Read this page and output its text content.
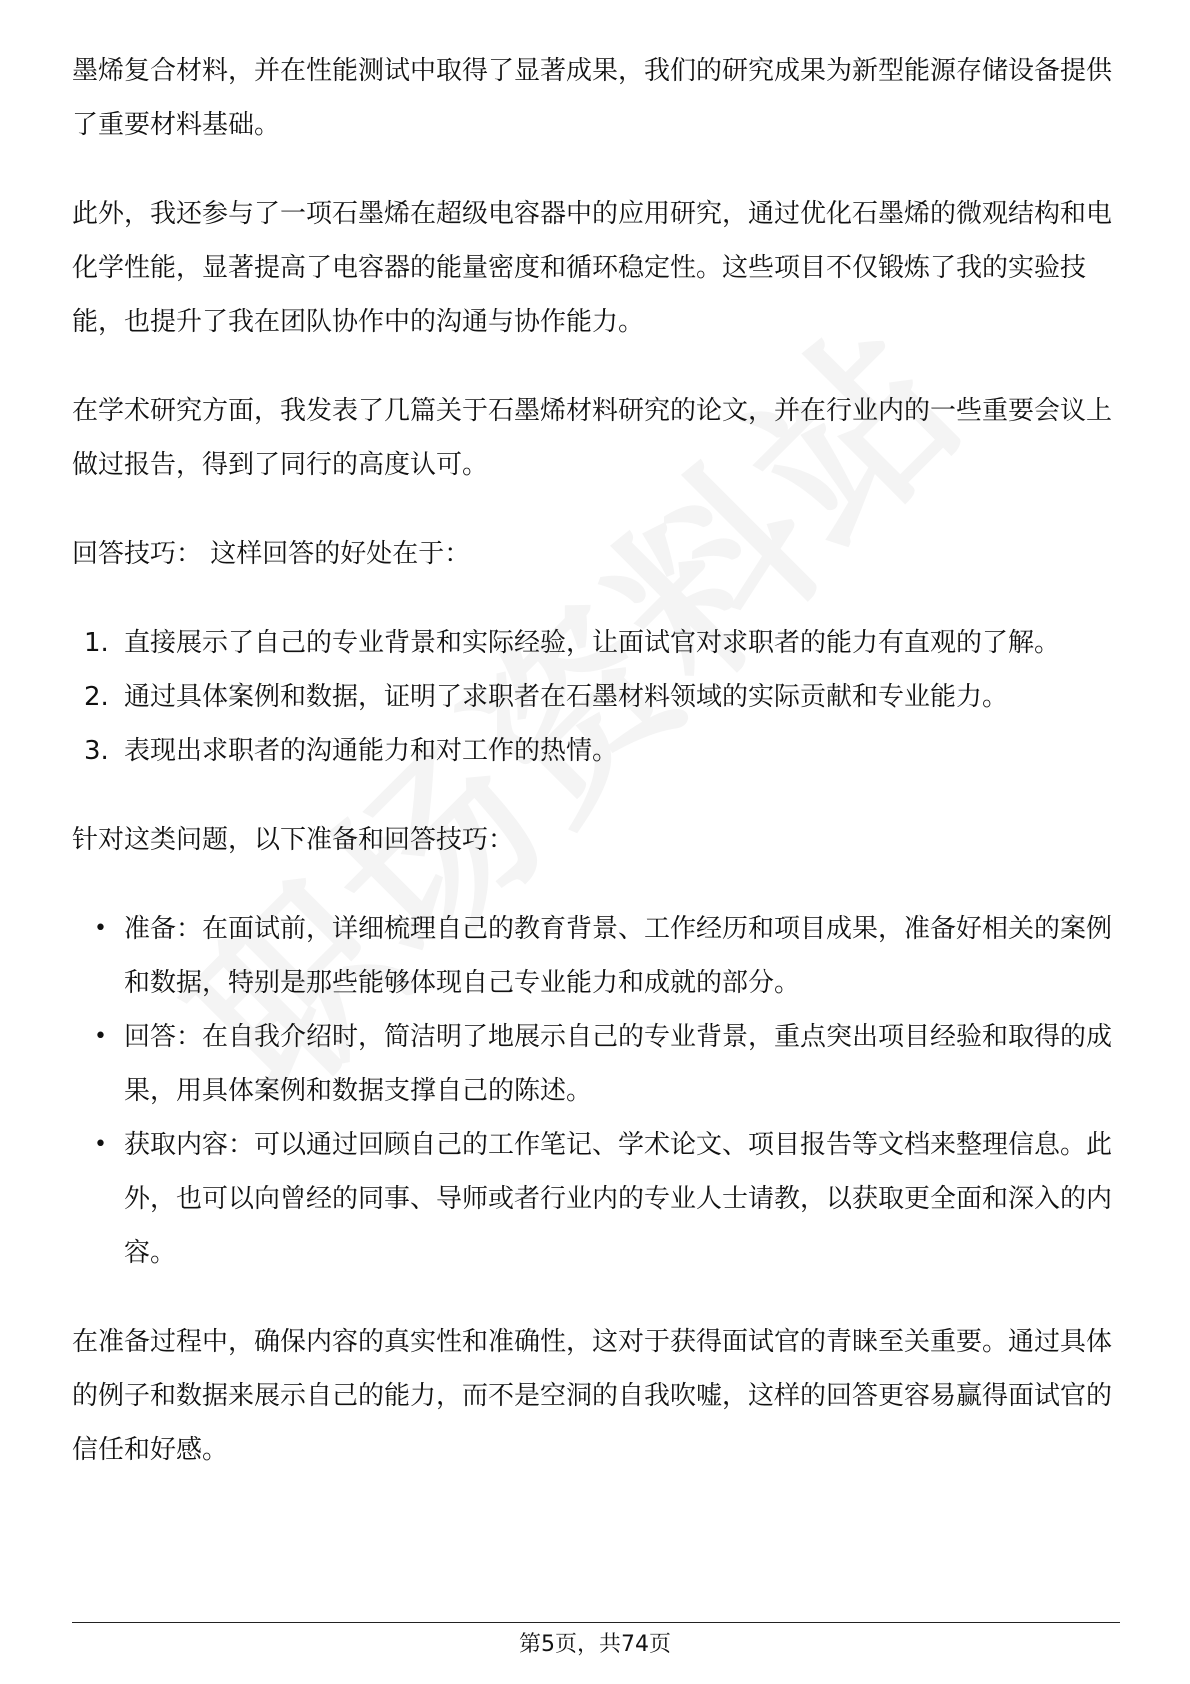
墨烯复合材料，并在性能测试中取得了显著成果，我们的研究成果为新型能源存储设备提供了重要材料基础。

此外，我还参与了一项石墨烯在超级电容器中的应用研究，通过优化石墨烯的微观结构和电化学性能，显著提高了电容器的能量密度和循环稳定性。这些项目不仅锻炼了我的实验技能，也提升了我在团队协作中的沟通与协作能力。

在学术研究方面，我发表了几篇关于石墨烯材料研究的论文，并在行业内的一些重要会议上做过报告，得到了同行的高度认可。

回答技巧： 这样回答的好处在于：

1. 直接展示了自己的专业背景和实际经验，让面试官对求职者的能力有直观的了解。
2. 通过具体案例和数据，证明了求职者在石墨材料领域的实际贡献和专业能力。
3. 表现出求职者的沟通能力和对工作的热情。

针对这类问题，以下准备和回答技巧：

• 准备：在面试前，详细梳理自己的教育背景、工作经历和项目成果，准备好相关的案例和数据，特别是那些能够体现自己专业能力和成就的部分。
• 回答：在自我介绍时，简洁明了地展示自己的专业背景，重点突出项目经验和取得的成果，用具体案例和数据支撑自己的陈述。
• 获取内容：可以通过回顾自己的工作笔记、学术论文、项目报告等文档来整理信息。此外，也可以向曾经的同事、导师或者行业内的专业人士请教，以获取更全面和深入的内容。

在准备过程中，确保内容的真实性和准确性，这对于获得面试官的青睐至关重要。通过具体的例子和数据来展示自己的能力，而不是空洞的自我吹嘘，这样的回答更容易赢得面试官的信任和好感。

第5页，共74页
